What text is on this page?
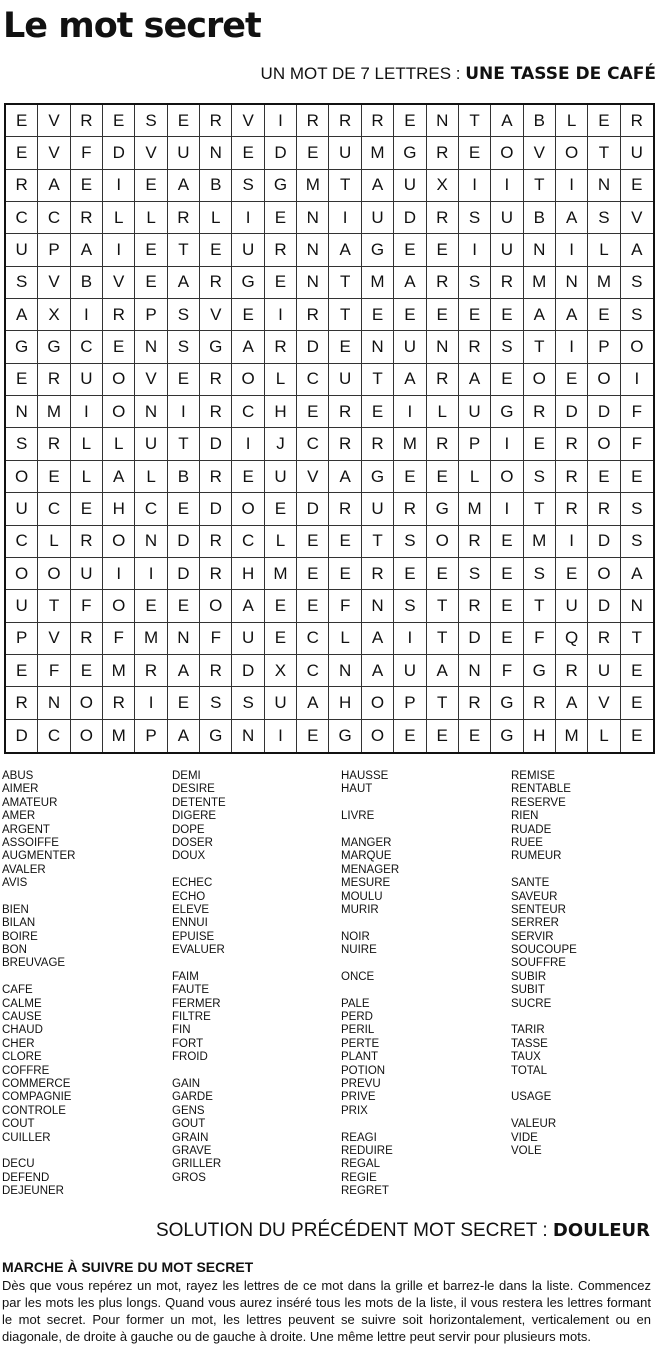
Le mot secret
UN MOT DE 7 LETTRES : UNE TASSE DE CAFÉ
E	V	R	E	S	E	R	V	I	R	R	R	E	N	T	A	B	L	E	R
E	V	F	D	V	U	N	E	D	E	U	M	G	R	E	O	V	O	T	U
R	A	E	I	E	A	B	S	G	M	T	A	U	X	I	I	T	I	N	E
C	C	R	L	L	R	L	I	E	N	I	U	D	R	S	U	B	A	S	V
U	P	A	I	E	T	E	U	R	N	A	G	E	E	I	U	N	I	L	A
S	V	B	V	E	A	R	G	E	N	T	M	A	R	S	R	M	N	M	S
A	X	I	R	P	S	V	E	I	R	T	E	E	E	E	E	A	A	E	S
G	G	C	E	N	S	G	A	R	D	E	N	U	N	R	S	T	I	P	O
E	R	U	O	V	E	R	O	L	C	U	T	A	R	A	E	O	E	O	I
N	M	I	O	N	I	R	C	H	E	R	E	I	L	U	G	R	D	D	F
S	R	L	L	U	T	D	I	J	C	R	R	M	R	P	I	E	R	O	F
O	E	L	A	L	B	R	E	U	V	A	G	E	E	L	O	S	R	E	E
U	C	E	H	C	E	D	O	E	D	R	U	R	G	M	I	T	R	R	S
C	L	R	O	N	D	R	C	L	E	E	T	S	O	R	E	M	I	D	S
O	O	U	I	I	D	R	H	M	E	E	R	E	E	S	E	S	E	O	A
U	T	F	O	E	E	O	A	E	E	F	N	S	T	R	E	T	U	D	N
P	V	R	F	M	N	F	U	E	C	L	A	I	T	D	E	F	Q	R	T
E	F	E	M	R	A	R	D	X	C	N	A	U	A	N	F	G	R	U	E
R	N	O	R	I	E	S	S	U	A	H	O	P	T	R	G	R	A	V	E
D	C	O	M	P	A	G	N	I	E	G	O	E	E	E	G	H	M	L	E
ABUS
AIMER
AMATEUR
AMER
ARGENT
ASSOIFFE
AUGMENTER
AVALER
AVIS
BIEN
BILAN
BOIRE
BON
BREUVAGE
CAFE
CALME
CAUSE
CHAUD
CHER
CLORE
COFFRE
COMMERCE
COMPAGNIE
CONTROLE
COUT
CUILLER
DECU
DEFEND
DEJEUNER
DEMI
DESIRE
DETENTE
DIGERE
DOPE
DOSER
DOUX
ECHEC
ECHO
ELEVE
ENNUI
EPUISE
EVALUER
FAIM
FAUTE
FERMER
FILTRE
FIN
FORT
FROID
GAIN
GARDE
GENS
GOUT
GRAIN
GRAVE
GRILLER
GROS
HAUSSE
HAUT
LIVRE
MANGER
MARQUE
MENAGER
MESURE
MOULU
MURIR
NOIR
NUIRE
ONCE
PALE
PERD
PERIL
PERTE
PLANT
POTION
PREVU
PRIVE
PRIX
REAGI
REDUIRE
REGAL
REGIE
REGRET
REMISE
RENTABLE
RESERVE
RIEN
RUADE
RUEE
RUMEUR
SANTE
SAVEUR
SENTEUR
SERRER
SERVIR
SOUCOUPE
SOUFFRE
SUBIR
SUBIT
SUCRE
TARIR
TASSE
TAUX
TOTAL
USAGE
VALEUR
VIDE
VOLE
SOLUTION DU PRÉCÉDENT MOT SECRET : DOULEUR
MARCHE À SUIVRE DU MOT SECRET

Dès que vous repérez un mot, rayez les lettres de ce mot dans la grille et barrez-le dans la liste. Commencez par les mots les plus longs. Quand vous aurez inséré tous les mots de la liste, il vous restera les lettres formant le mot secret. Pour former un mot, les lettres peuvent se suivre soit horizontalement, verticalement ou en diagonale, de droite à gauche ou de gauche à droite. Une même lettre peut servir pour plusieurs mots.
